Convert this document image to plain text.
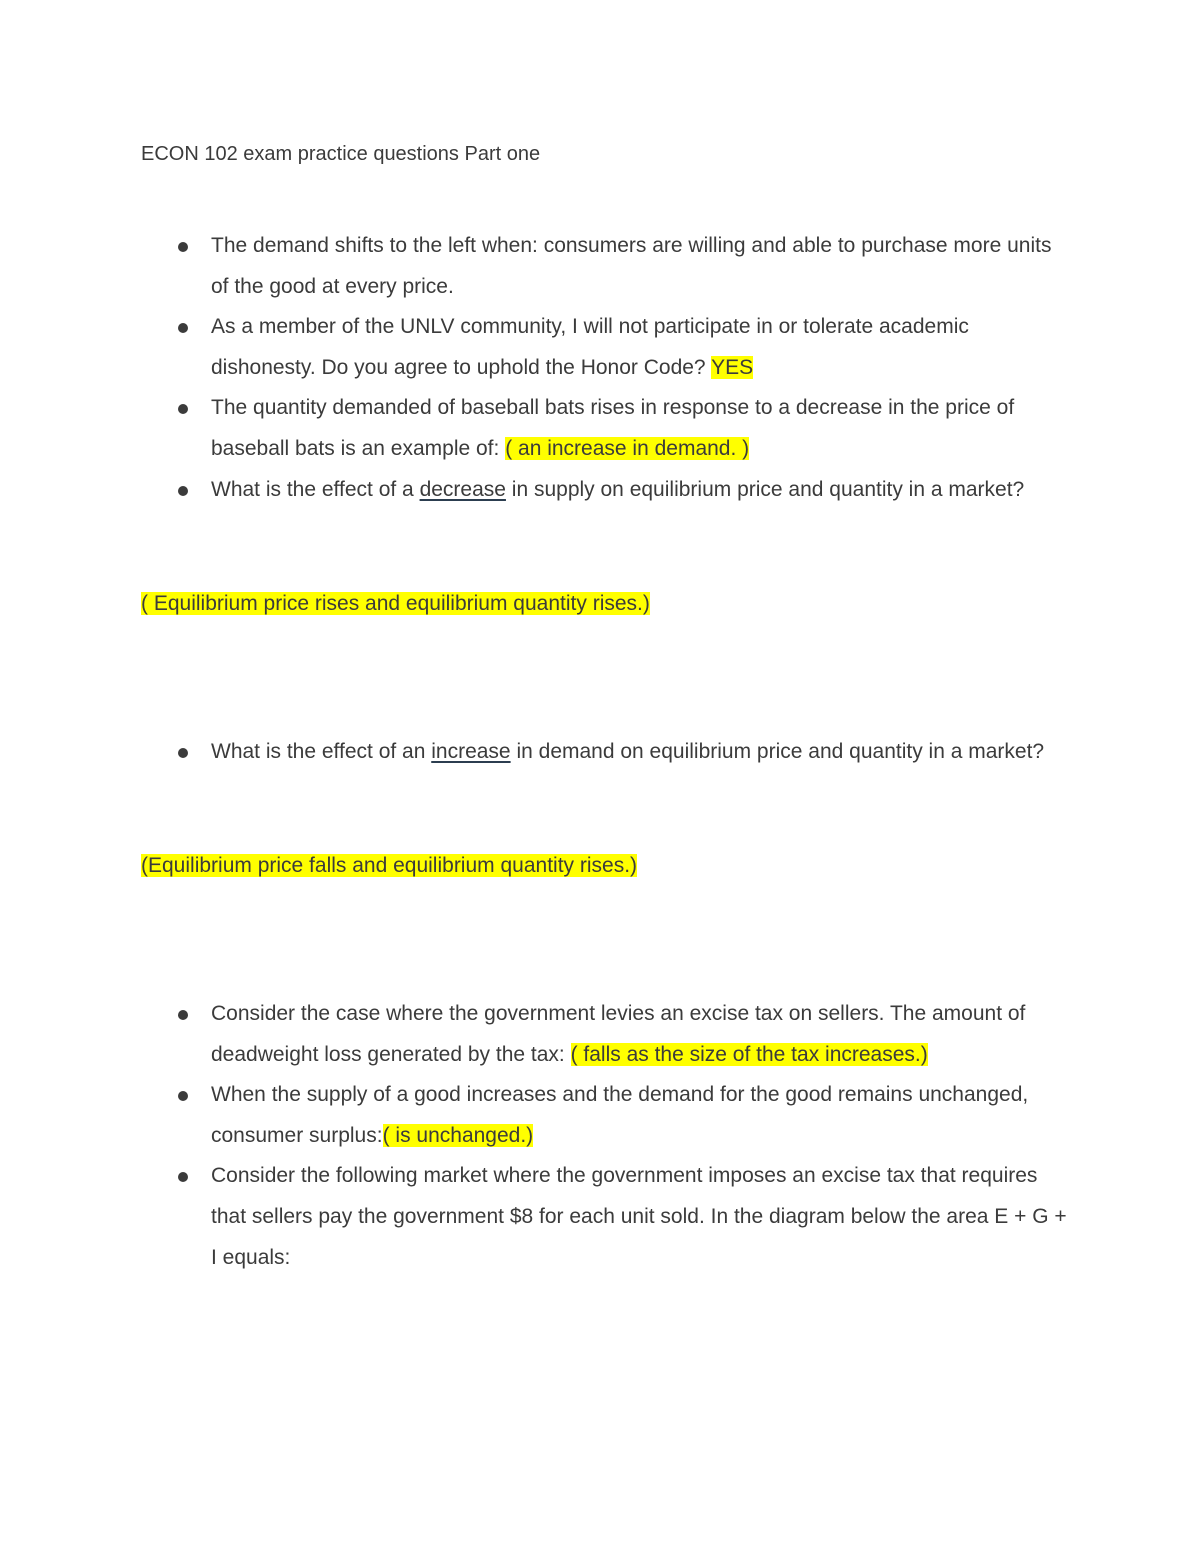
ECON 102 exam practice questions Part one
The demand shifts to the left when: consumers are willing and able to purchase more units of the good at every price.
As a member of the UNLV community, I will not participate in or tolerate academic dishonesty. Do you agree to uphold the Honor Code? YES
The quantity demanded of baseball bats rises in response to a decrease in the price of baseball bats is an example of: ( an increase in demand. )
What is the effect of a decrease in supply on equilibrium price and quantity in a market?
( Equilibrium price rises and equilibrium quantity rises.)
What is the effect of an increase in demand on equilibrium price and quantity in a market?
(Equilibrium price falls and equilibrium quantity rises.)
Consider the case where the government levies an excise tax on sellers. The amount of deadweight loss generated by the tax: ( falls as the size of the tax increases.)
When the supply of a good increases and the demand for the good remains unchanged, consumer surplus:( is unchanged.)
Consider the following market where the government imposes an excise tax that requires that sellers pay the government $8 for each unit sold. In the diagram below the area E + G + I equals:
